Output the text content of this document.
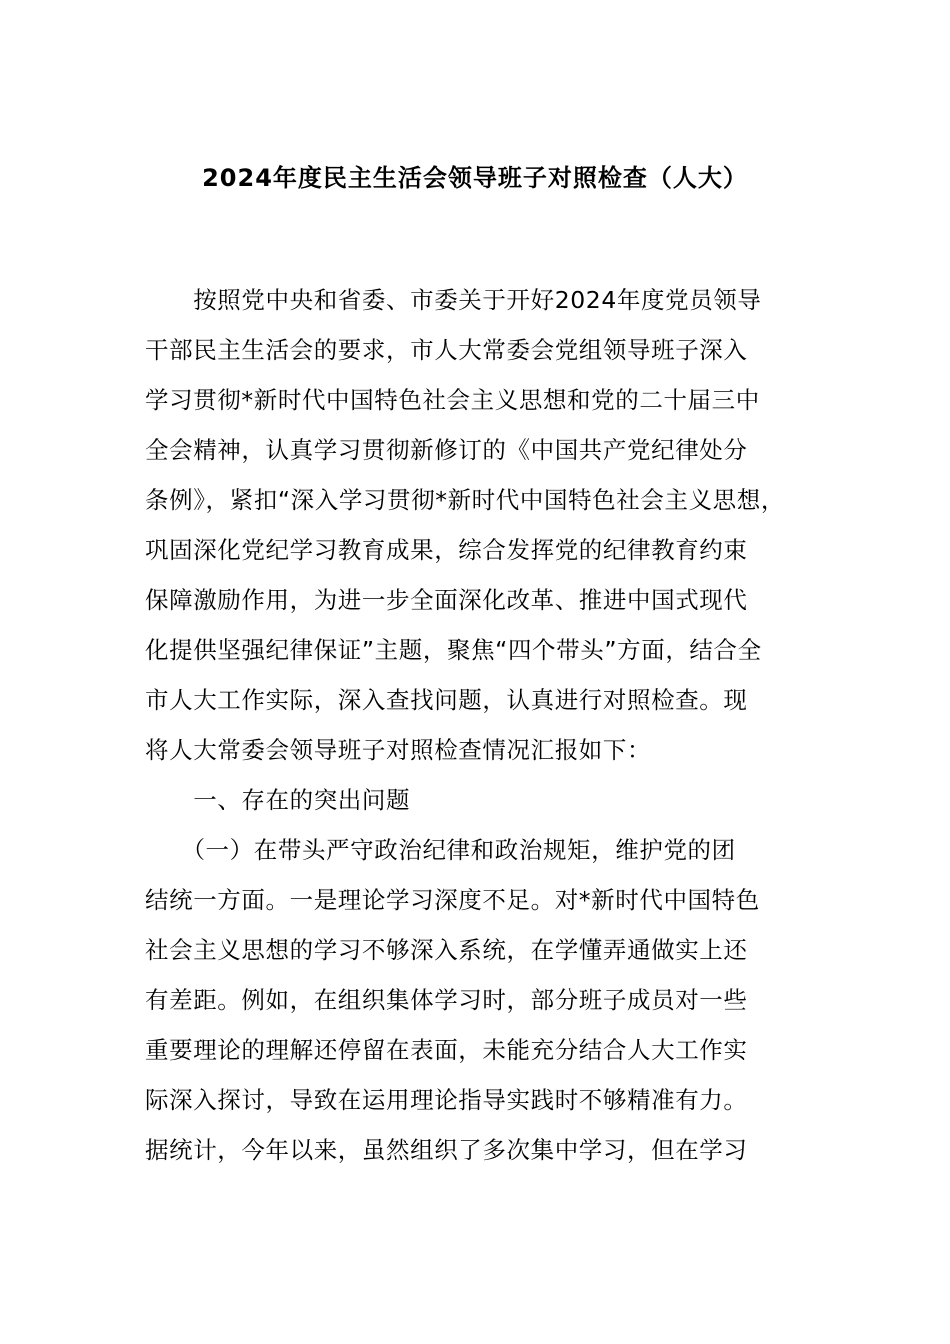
2024年度民主生活会领导班子对照检查（人大）
　　按照党中央和省委、市委关于开好2024年度党员领导
干部民主生活会的要求，市人大常委会党组领导班子深入
学习贯彻*新时代中国特色社会主义思想和党的二十届三中
全会精神，认真学习贯彻新修订的《中国共产党纪律处分
条例》，紧扣“深入学习贯彻*新时代中国特色社会主义思想，
巩固深化党纪学习教育成果，综合发挥党的纪律教育约束
保障激励作用，为进一步全面深化改革、推进中国式现代
化提供坚强纪律保证”主题，聚焦“四个带头”方面，结合全
市人大工作实际，深入查找问题，认真进行对照检查。现
将人大常委会领导班子对照检查情况汇报如下：
　　一、存在的突出问题
　　（一）在带头严守政治纪律和政治规矩，维护党的团
结统一方面。一是理论学习深度不足。对*新时代中国特色
社会主义思想的学习不够深入系统，在学懂弄通做实上还
有差距。例如，在组织集体学习时，部分班子成员对一些
重要理论的理解还停留在表面，未能充分结合人大工作实
际深入探讨，导致在运用理论指导实践时不够精准有力。
据统计，今年以来，虽然组织了多次集中学习，但在学习
